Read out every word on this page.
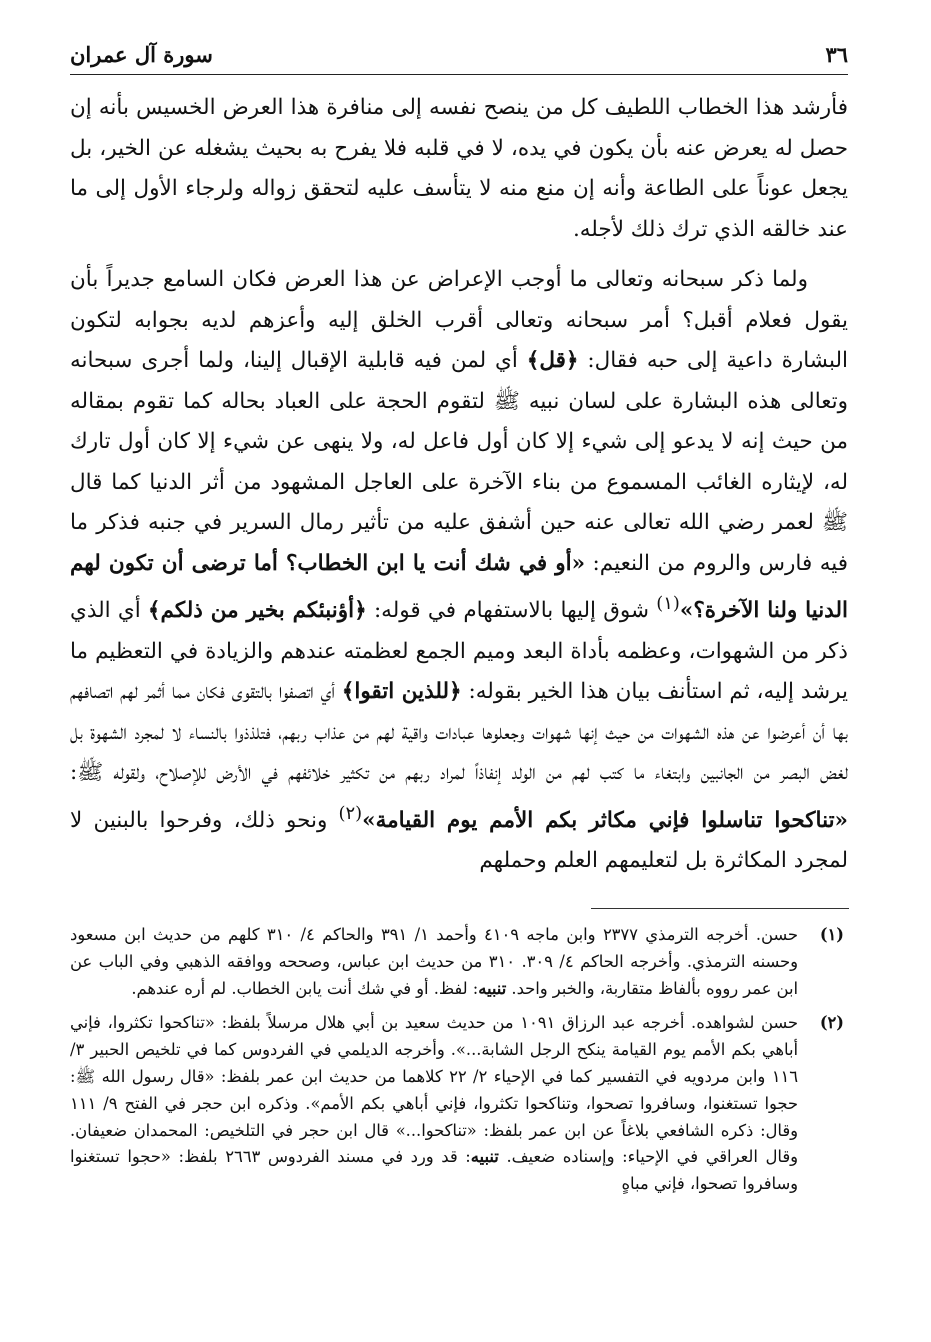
٣٦
سورة آل عمران

فأرشد هذا الخطاب اللطيف كل من ينصح نفسه إلى منافرة هذا العرض الخسيس بأنه إن حصل له يعرض عنه بأن يكون في يده، لا في قلبه فلا يفرح به بحيث يشغله عن الخير، بل يجعل عوناً على الطاعة وأنه إن منع منه لا يتأسف عليه لتحقق زواله ولرجاء الأول إلى ما عند خالقه الذي ترك ذلك لأجله.

ولما ذكر سبحانه وتعالى ما أوجب الإعراض عن هذا العرض فكان السامع جديراً بأن يقول فعلام أقبل؟ أمر سبحانه وتعالى أقرب الخلق إليه وأعزهم لديه بجوابه لتكون البشارة داعية إلى حبه فقال: ﴿قل﴾ أي لمن فيه قابلية الإقبال إلينا، ولما أجرى سبحانه وتعالى هذه البشارة على لسان نبيه ﷺ لتقوم الحجة على العباد بحاله كما تقوم بمقاله من حيث إنه لا يدعو إلى شيء إلا كان أول فاعل له، ولا ينهى عن شيء إلا كان أول تارك له، لإيثاره الغائب المسموع من بناء الآخرة على العاجل المشهود من أثر الدنيا كما قال ﷺ لعمر رضي الله تعالى عنه حين أشفق عليه من تأثير رمال السرير في جنبه فذكر ما فيه فارس والروم من النعيم: «أو في شك أنت يا ابن الخطاب؟ أما ترضى أن تكون لهم الدنيا ولنا الآخرة؟»$^{(١)}$ شوق إليها بالاستفهام في قوله: ﴿أؤنبئكم بخير من ذلكم﴾ أي الذي ذكر من الشهوات، وعظمه بأداة البعد وميم الجمع لعظمته عندهم والزيادة في التعظيم ما يرشد إليه، ثم استأنف بيان هذا الخير بقوله: ﴿للذين اتقوا﴾ أي اتصفوا بالتقوى فكان مما أثمر لهم اتصافهم بها أن أعرضوا عن هذه الشهوات من حيث إنها شهوات وجعلوها عبادات واقية لهم من عذاب ربهم، فتلذذوا بالنساء لا لمجرد الشهوة بل لغض البصر من الجانبين وابتغاء ما كتب لهم من الولد إنفاذاً لمراد ربهم من تكثير خلائفهم في الأرض للإصلاح، ولقوله ﷺ: «تناكحوا تناسلوا فإني مكاثر بكم الأمم يوم القيامة»$^{(٢)}$ ونحو ذلك، وفرحوا بالبنين لا لمجرد المكاثرة بل لتعليمهم العلم وحملهم

(١)
حسن. أخرجه الترمذي ٢٣٧٧ وابن ماجه ٤١٠٩ وأحمد ١/ ٣٩١ والحاكم ٤/ ٣١٠ كلهم من حديث ابن مسعود وحسنه الترمذي. وأخرجه الحاكم ٤/ ٣٠٩. ٣١٠ من حديث ابن عباس، وصححه ووافقه الذهبي وفي الباب عن ابن عمر رووه بألفاظ متقاربة، والخبر واحد. تنبيه: لفظ. أو في شك أنت يابن الخطاب. لم أره عندهم.

(٢)
حسن لشواهده. أخرجه عبد الرزاق ١٠٩١ من حديث سعيد بن أبي هلال مرسلاً بلفظ: «تناكحوا تكثروا، فإني أباهي بكم الأمم يوم القيامة ينكح الرجل الشابة...». وأخرجه الديلمي في الفردوس كما في تلخيص الحبير ٣/ ١١٦ وابن مردويه في التفسير كما في الإحياء ٢/ ٢٢ كلاهما من حديث ابن عمر بلفظ: «قال رسول الله ﷺ: حجوا تستغنوا، وسافروا تصحوا، وتناكحوا تكثروا، فإني أباهي بكم الأمم». وذكره ابن حجر في الفتح ٩/ ١١١ وقال: ذكره الشافعي بلاغاً عن ابن عمر بلفظ: «تناكحوا...» قال ابن حجر في التلخيص: المحمدان ضعيفان. وقال العراقي في الإحياء: وإسناده ضعيف. تنبيه: قد ورد في مسند الفردوس ٢٦٦٣ بلفظ: «حجوا تستغنوا وسافروا تصحوا، فإني مباهٍ
